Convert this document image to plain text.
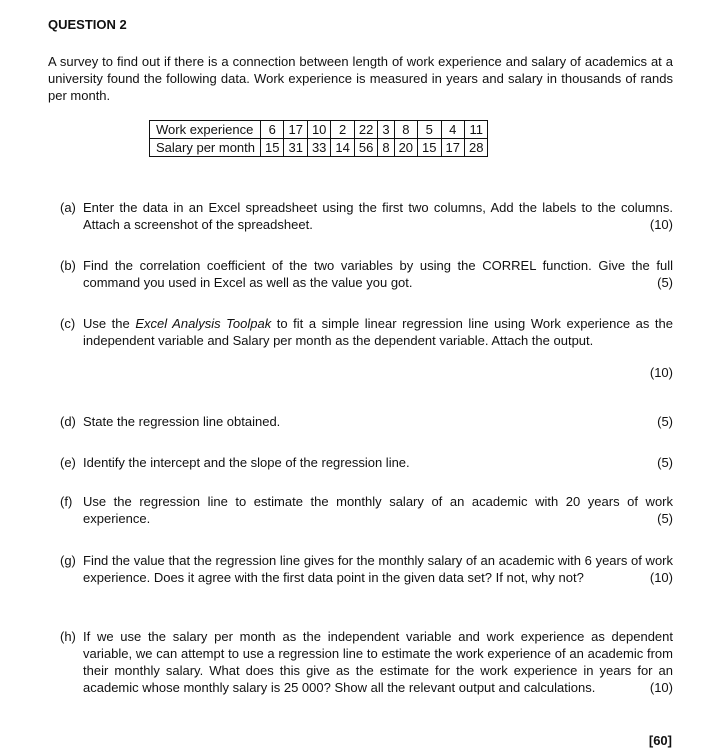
QUESTION 2
A survey to find out if there is a connection between length of work experience and salary of academics at a university found the following data. Work experience is measured in years and salary in thousands of rands per month.
Work experience	6	17	10	2	22	3	8	5	4	11
Salary per month	15	31	33	14	56	8	20	15	17	28
(a) Enter the data in an Excel spreadsheet using the first two columns, Add the labels to the columns. Attach a screenshot of the spreadsheet.	(10)
(b) Find the correlation coefficient of the two variables by using the CORREL function. Give the full command you used in Excel as well as the value you got.	(5)
(c) Use the Excel Analysis Toolpak to fit a simple linear regression line using Work experience as the independent variable and Salary per month as the dependent variable. Attach the output.
(10)
(d) State the regression line obtained.	(5)
(e) Identify the intercept and the slope of the regression line.	(5)
(f) Use the regression line to estimate the monthly salary of an academic with 20 years of work experience.	(5)
(g) Find the value that the regression line gives for the monthly salary of an academic with 6 years of work experience. Does it agree with the first data point in the given data set? If not, why not?	(10)
(h) If we use the salary per month as the independent variable and work experience as dependent variable, we can attempt to use a regression line to estimate the work experience of an academic from their monthly salary. What does this give as the estimate for the work experience in years for an academic whose monthly salary is 25 000? Show all the relevant output and calculations.	(10)
[60]
